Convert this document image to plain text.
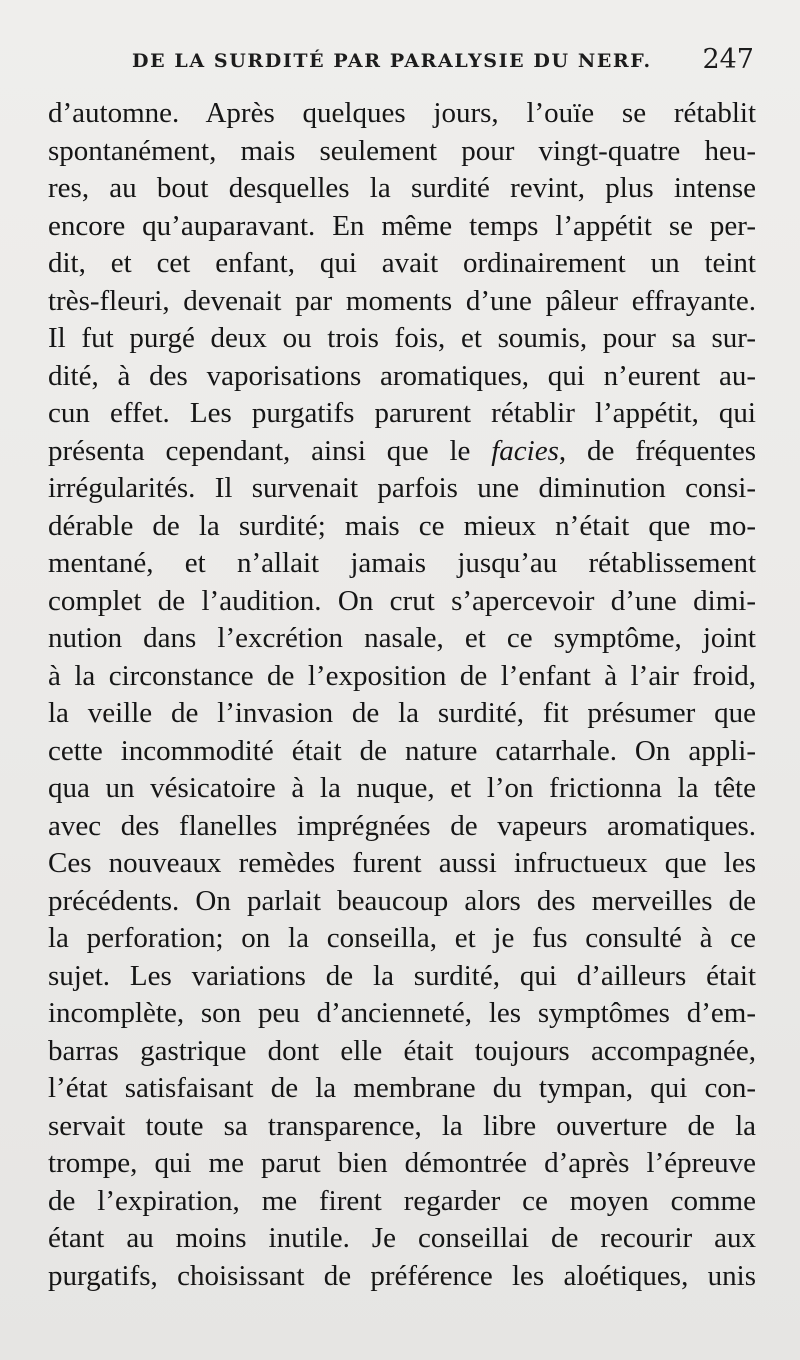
DE LA SURDITÉ PAR PARALYSIE DU NERF. 247
d’automne. Après quelques jours, l’ouïe se rétablit
spontanément, mais seulement pour vingt-quatre heu-
res, au bout desquelles la surdité revint, plus intense
encore qu’auparavant. En même temps l’appétit se per-
dit, et cet enfant, qui avait ordinairement un teint
très-fleuri, devenait par moments d’une pâleur effrayante.
Il fut purgé deux ou trois fois, et soumis, pour sa sur-
dité, à des vaporisations aromatiques, qui n’eurent au-
cun effet. Les purgatifs parurent rétablir l’appétit, qui
présenta cependant, ainsi que le facies, de fréquentes
irrégularités. Il survenait parfois une diminution consi-
dérable de la surdité; mais ce mieux n’était que mo-
mentané, et n’allait jamais jusqu’au rétablissement
complet de l’audition. On crut s’apercevoir d’une dimi-
nution dans l’excrétion nasale, et ce symptôme, joint
à la circonstance de l’exposition de l’enfant à l’air froid,
la veille de l’invasion de la surdité, fit présumer que
cette incommodité était de nature catarrhale. On appli-
qua un vésicatoire à la nuque, et l’on frictionna la tête
avec des flanelles imprégnées de vapeurs aromatiques.
Ces nouveaux remèdes furent aussi infructueux que les
précédents. On parlait beaucoup alors des merveilles de
la perforation; on la conseilla, et je fus consulté à ce
sujet. Les variations de la surdité, qui d’ailleurs était
incomplète, son peu d’ancienneté, les symptômes d’em-
barras gastrique dont elle était toujours accompagnée,
l’état satisfaisant de la membrane du tympan, qui con-
servait toute sa transparence, la libre ouverture de la
trompe, qui me parut bien démontrée d’après l’épreuve
de l’expiration, me firent regarder ce moyen comme
étant au moins inutile. Je conseillai de recourir aux
purgatifs, choisissant de préférence les aloétiques, unis
